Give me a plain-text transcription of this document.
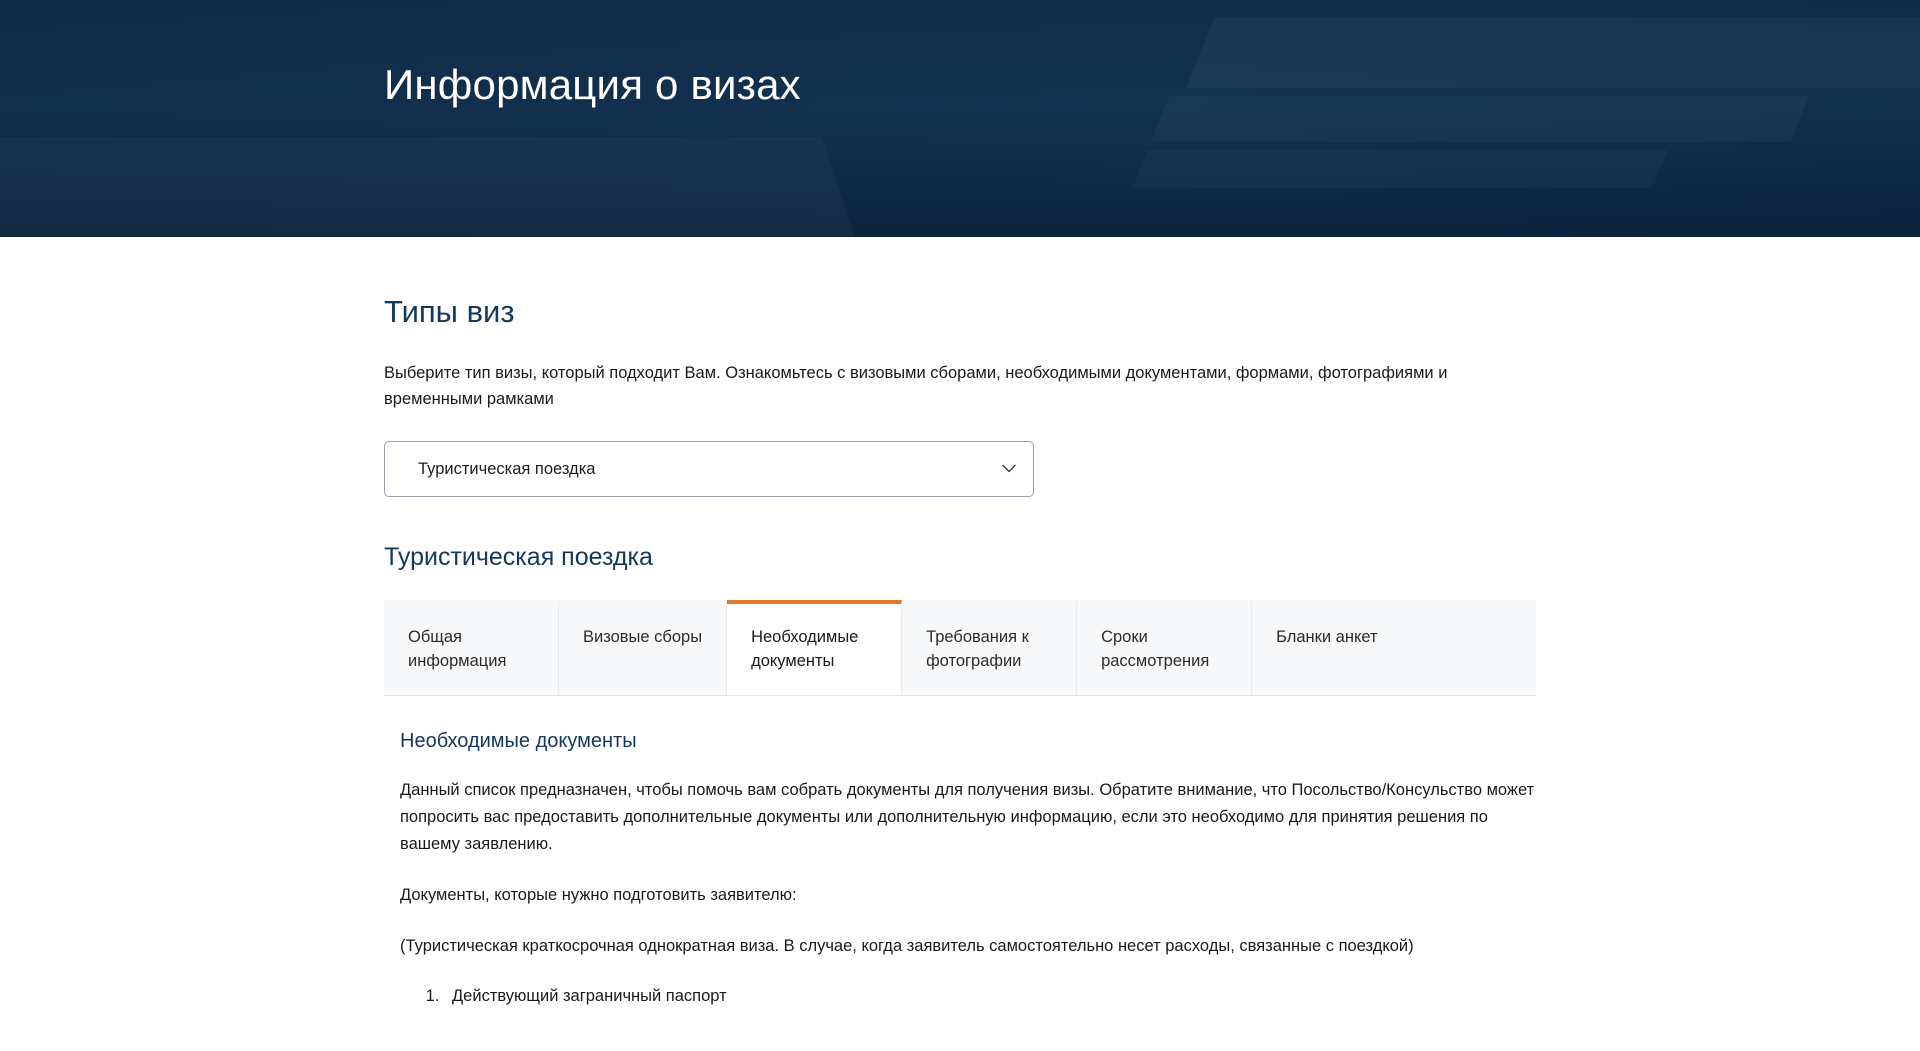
Информация о визах
Типы виз

Выберите тип визы, который подходит Вам. Ознакомьтесь с визовыми сборами, необходимыми документами, формами, фотографиями и временными рамками

Туристическая поездка
Туристическая поездка
Общая информация
Визовые сборы	Необходимые документы
Требования к фотографии
Сроки рассмотрения
Бланки анкет
Необходимые документы

Данный список предназначен, чтобы помочь вам собрать документы для получения визы. Обратите внимание, что Посольство/Консульство может попросить вас предоставить дополнительные документы или дополнительную информацию, если это необходимо для принятия решения по вашему заявлению.

Документы, которые нужно подготовить заявителю:

(Туристическая краткосрочная однократная виза. В случае, когда заявитель самостоятельно несет расходы, связанные с поездкой)

1. Действующий заграничный паспорт
